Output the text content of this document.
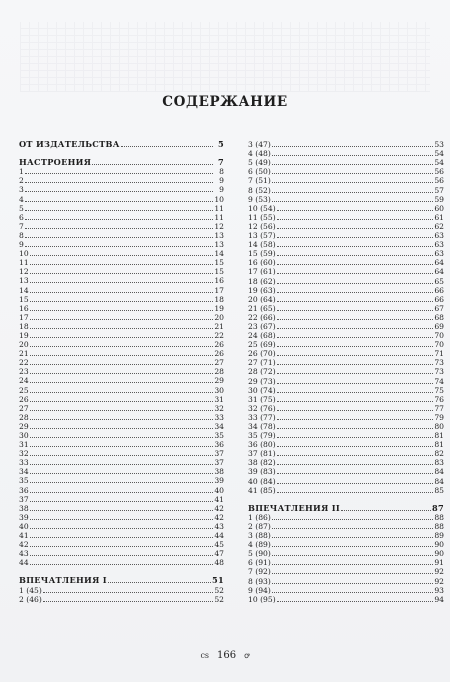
СОДЕРЖАНИЕ
ОТ ИЗДАТЕЛЬСТВА	5
НАСТРОЕНИЯ	7
1	8
2	9
3	9
4	10
5	11
6	11
7	12
8	13
9	13
10	14
11	15
12	15
13	16
14	17
15	18
16	19
17	20
18	21
19	22
20	26
21	26
22	27
23	28
24	29
25	30
26	31
27	32
28	33
29	34
30	35
31	36
32	37
33	37
34	38
35	39
36	40
37	41
38	42
39	42
40	43
41	44
42	45
43	47
44	48
ВПЕЧАТЛЕНИЯ I	51
1 (45)	52
2 (46)	52
3 (47)	53
4 (48)	54
5 (49)	54
6 (50)	56
7 (51)	56
8 (52)	57
9 (53)	59
10 (54)	60
11 (55)	61
12 (56)	62
13 (57)	63
14 (58)	63
15 (59)	63
16 (60)	64
17 (61)	64
18 (62)	65
19 (63)	66
20 (64)	66
21 (65)	67
22 (66)	68
23 (67)	69
24 (68)	70
25 (69)	70
26 (70)	71
27 (71)	73
28 (72)	73
29 (73)	74
30 (74)	75
31 (75)	76
32 (76)	77
33 (77)	79
34 (78)	80
35 (79)	81
36 (80)	81
37 (81)	82
38 (82)	83
39 (83)	84
40 (84)	84
41 (85)	85
ВПЕЧАТЛЕНИЯ II	87
1 (86)	88
2 (87)	88
3 (88)	89
4 (89)	90
5 (90)	90
6 (91)	91
7 (92)	92
8 (93)	92
9 (94)	93
10 (95)	94
cs 166 ꝍ
